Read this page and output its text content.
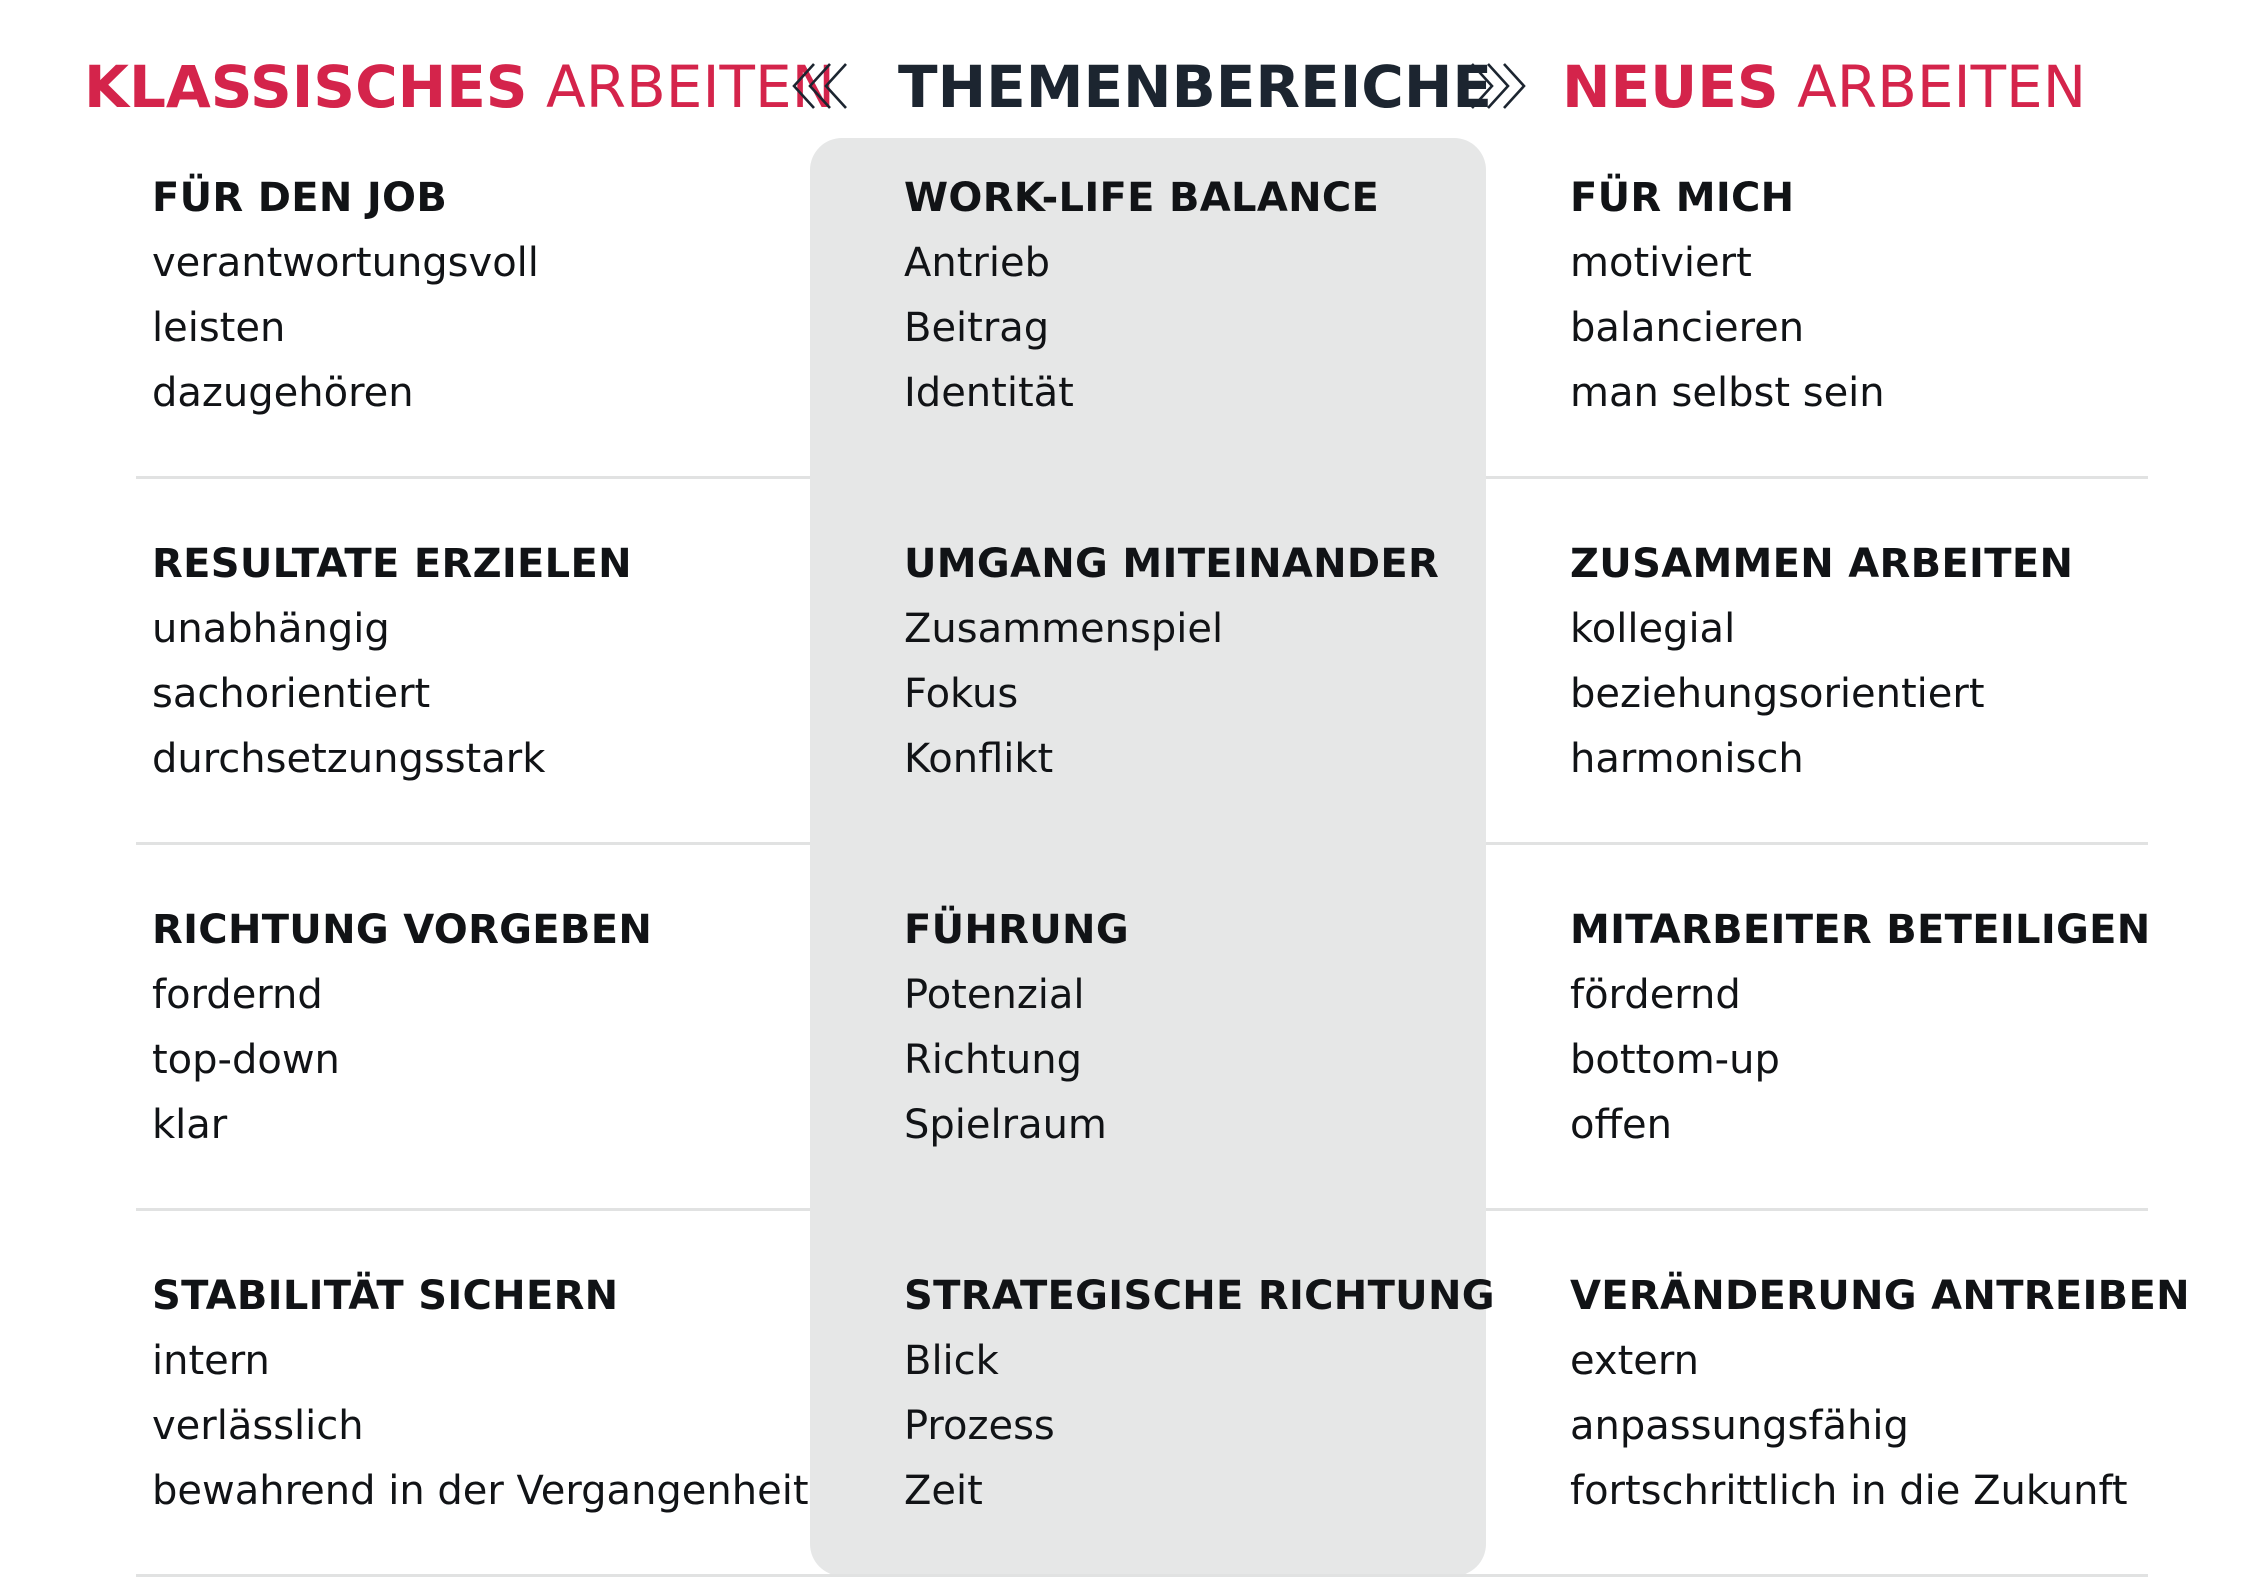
KLASSISCHES
ARBEITEN THEMENBEREICHE NEUES
ARBEITEN
FÜR DEN JOB
verantwortungsvoll
leisten
dazugehören
RESULTATE ERZIELEN
unabhängig
sachorientiert
durchsetzungsstark
RICHTUNG VORGEBEN
fordernd
top-down
klar
STABILITÄT SICHERN
intern
verlässlich
bewahrend in der Vergangenheit
WORK-LIFE BALANCE
Antrieb
Beitrag
Identität
UMGANG MITEINANDER
Zusammenspiel
Fokus
Konflikt
FÜHRUNG
Potenzial
Richtung
Spielraum
STRATEGISCHE RICHTUNG
Blick
Prozess
Zeit
FÜR MICH
motiviert
balancieren
man selbst sein
ZUSAMMEN ARBEITEN
kollegial
beziehungsorientiert
harmonisch
MITARBEITER BETEILIGEN
fördernd
bottom-up
offen
VERÄNDERUNG ANTREIBEN
extern
anpassungsfähig
fortschrittlich in die Zukunft
